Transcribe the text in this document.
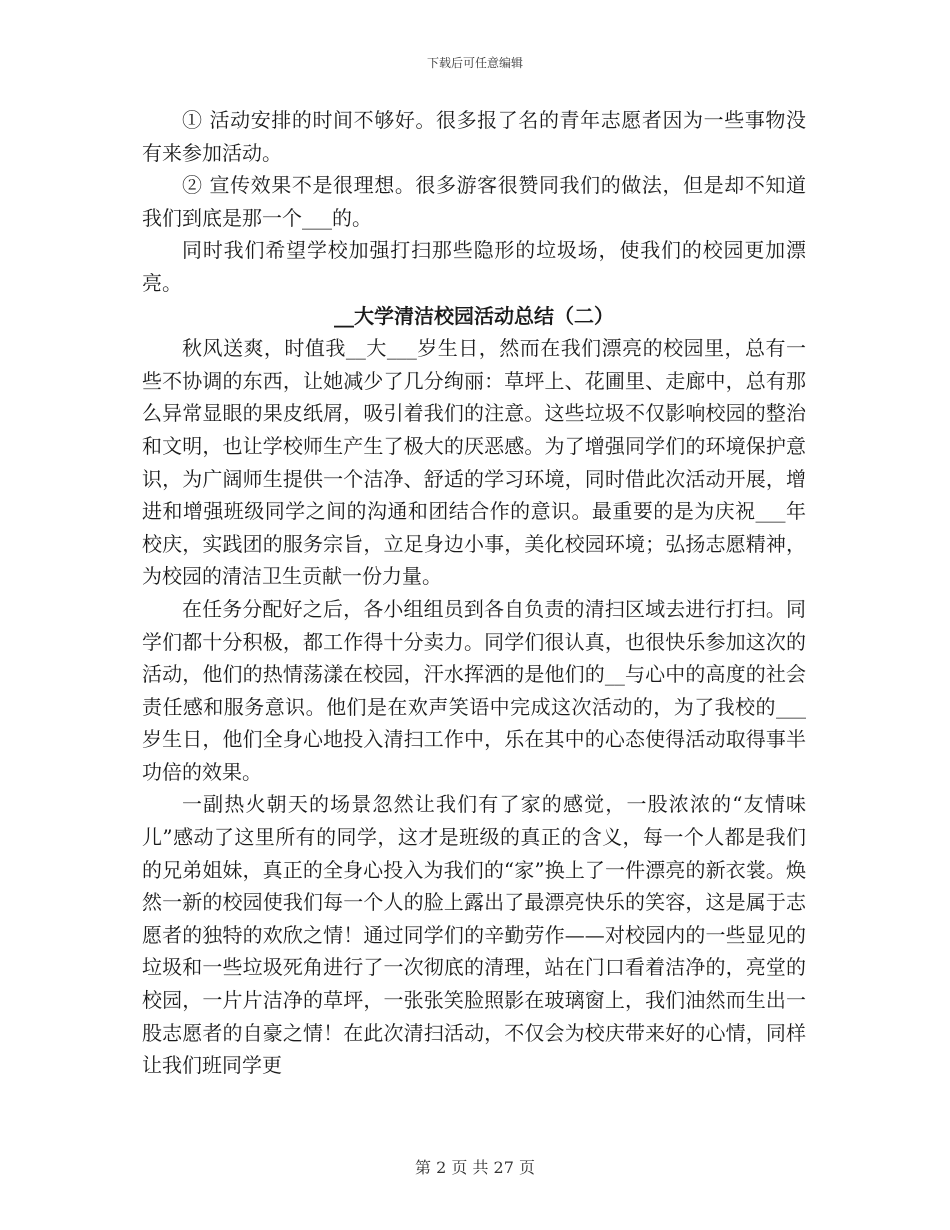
下载后可任意编辑

① 活动安排的时间不够好。很多报了名的青年志愿者因为一些事物没有来参加活动。

② 宣传效果不是很理想。很多游客很赞同我们的做法，但是却不知道我们到底是那一个___的。

同时我们希望学校加强打扫那些隐形的垃圾场，使我们的校园更加漂亮。

__大学清洁校园活动总结（二）

秋风送爽，时值我__大___岁生日，然而在我们漂亮的校园里，总有一些不协调的东西，让她减少了几分绚丽：草坪上、花圃里、走廊中，总有那么异常显眼的果皮纸屑，吸引着我们的注意。这些垃圾不仅影响校园的整治和文明，也让学校师生产生了极大的厌恶感。为了增强同学们的环境保护意识，为广阔师生提供一个洁净、舒适的学习环境，同时借此次活动开展，增进和增强班级同学之间的沟通和团结合作的意识。最重要的是为庆祝___年校庆，实践团的服务宗旨，立足身边小事，美化校园环境；弘扬志愿精神，为校园的清洁卫生贡献一份力量。

在任务分配好之后，各小组组员到各自负责的清扫区域去进行打扫。同学们都十分积极，都工作得十分卖力。同学们很认真，也很快乐参加这次的活动，他们的热情荡漾在校园，汗水挥洒的是他们的__与心中的高度的社会责任感和服务意识。他们是在欢声笑语中完成这次活动的，为了我校的___岁生日，他们全身心地投入清扫工作中，乐在其中的心态使得活动取得事半功倍的效果。

一副热火朝天的场景忽然让我们有了家的感觉，一股浓浓的“友情味儿”感动了这里所有的同学，这才是班级的真正的含义，每一个人都是我们的兄弟姐妹，真正的全身心投入为我们的“家”换上了一件漂亮的新衣裳。焕然一新的校园使我们每一个人的脸上露出了最漂亮快乐的笑容，这是属于志愿者的独特的欢欣之情！通过同学们的辛勤劳作——对校园内的一些显见的垃圾和一些垃圾死角进行了一次彻底的清理，站在门口看着洁净的，亮堂的校园，一片片洁净的草坪，一张张笑脸照影在玻璃窗上，我们油然而生出一股志愿者的自豪之情！在此次清扫活动，不仅会为校庆带来好的心情，同样让我们班同学更

第 2 页 共 27 页
